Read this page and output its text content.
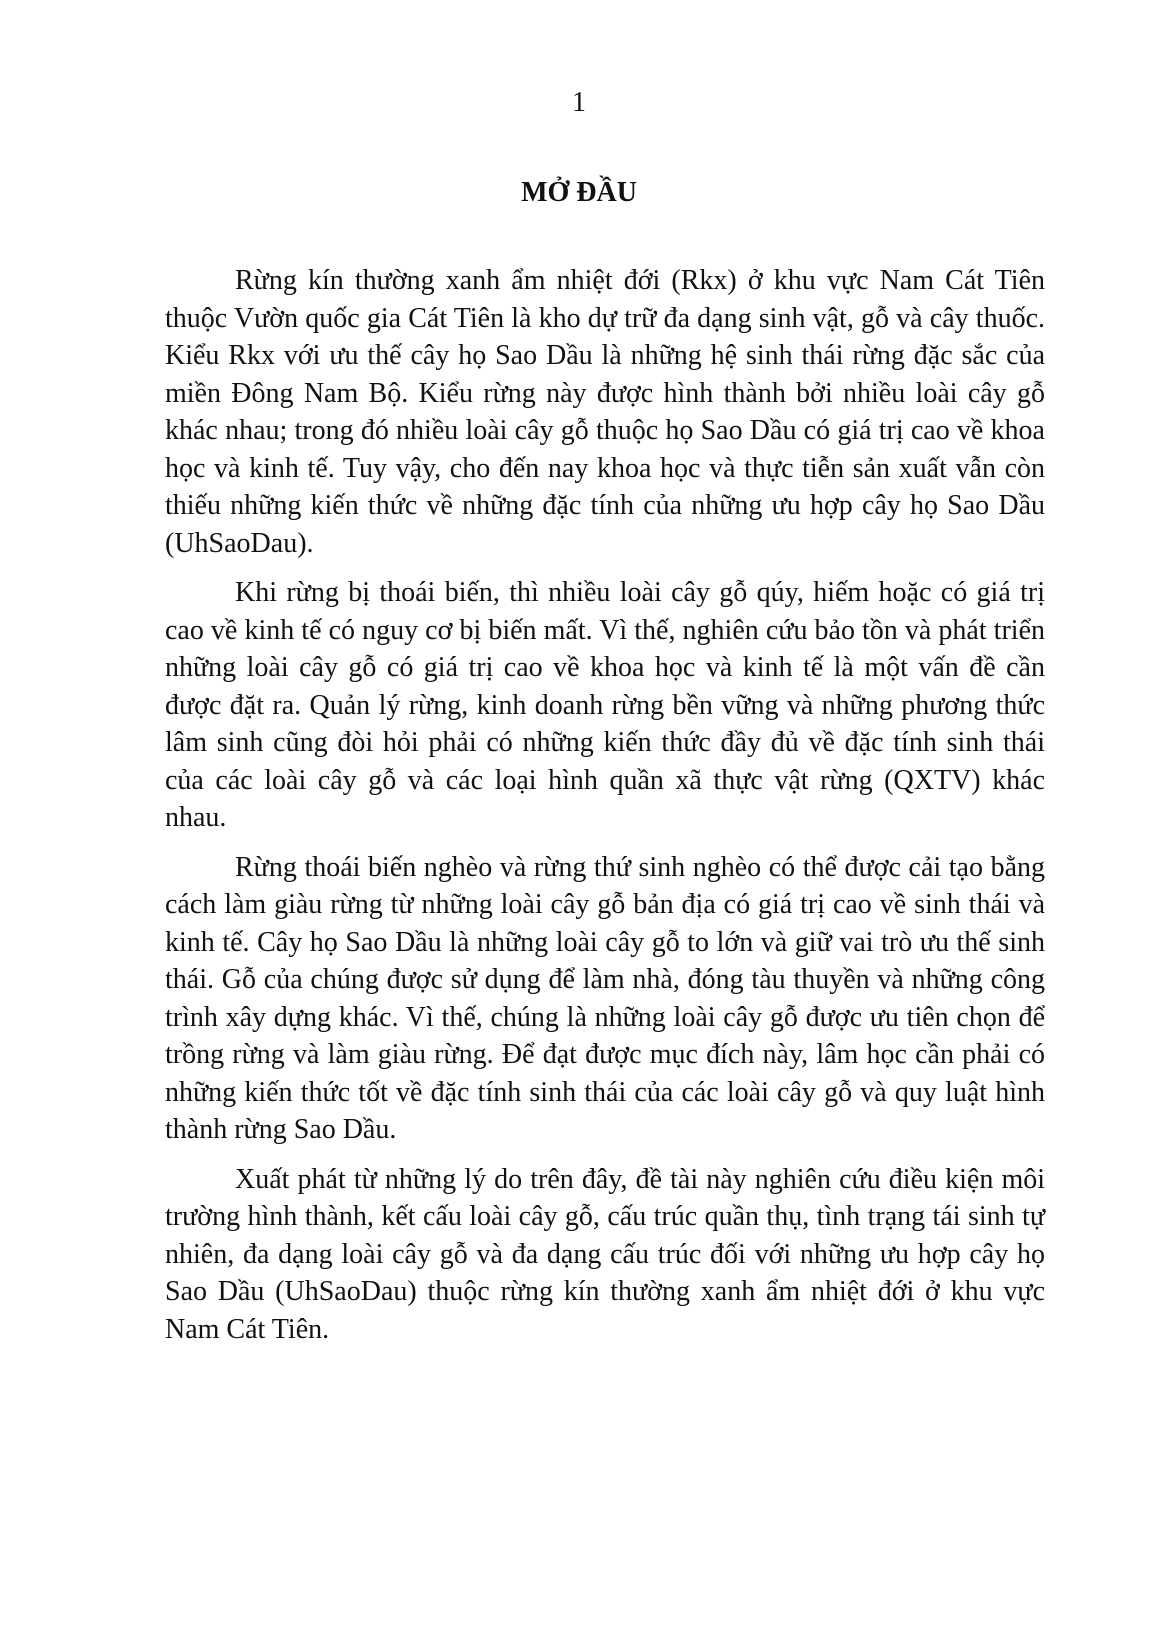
1
MỞ ĐẦU

Rừng kín thường xanh ẩm nhiệt đới (Rkx) ở khu vực Nam Cát Tiên thuộc Vườn quốc gia Cát Tiên là kho dự trữ đa dạng sinh vật, gỗ và cây thuốc. Kiểu Rkx với ưu thế cây họ Sao Dầu là những hệ sinh thái rừng đặc sắc của miền Đông Nam Bộ. Kiểu rừng này được hình thành bởi nhiều loài cây gỗ khác nhau; trong đó nhiều loài cây gỗ thuộc họ Sao Dầu có giá trị cao về khoa học và kinh tế. Tuy vậy, cho đến nay khoa học và thực tiễn sản xuất vẫn còn thiếu những kiến thức về những đặc tính của những ưu hợp cây họ Sao Dầu (UhSaoDau).

Khi rừng bị thoái biến, thì nhiều loài cây gỗ qúy, hiếm hoặc có giá trị cao về kinh tế có nguy cơ bị biến mất. Vì thế, nghiên cứu bảo tồn và phát triển những loài cây gỗ có giá trị cao về khoa học và kinh tế là một vấn đề cần được đặt ra. Quản lý rừng, kinh doanh rừng bền vững và những phương thức lâm sinh cũng đòi hỏi phải có những kiến thức đầy đủ về đặc tính sinh thái của các loài cây gỗ và các loại hình quần xã thực vật rừng (QXTV) khác nhau.

Rừng thoái biến nghèo và rừng thứ sinh nghèo có thể được cải tạo bằng cách làm giàu rừng từ những loài cây gỗ bản địa có giá trị cao về sinh thái và kinh tế. Cây họ Sao Dầu là những loài cây gỗ to lớn và giữ vai trò ưu thế sinh thái. Gỗ của chúng được sử dụng để làm nhà, đóng tàu thuyền và những công trình xây dựng khác. Vì thế, chúng là những loài cây gỗ được ưu tiên chọn để trồng rừng và làm giàu rừng. Để đạt được mục đích này, lâm học cần phải có những kiến thức tốt về đặc tính sinh thái của các loài cây gỗ và quy luật hình thành rừng Sao Dầu.

Xuất phát từ những lý do trên đây, đề tài này nghiên cứu điều kiện môi trường hình thành, kết cấu loài cây gỗ, cấu trúc quần thụ, tình trạng tái sinh tự nhiên, đa dạng loài cây gỗ và đa dạng cấu trúc đối với những ưu hợp cây họ Sao Dầu (UhSaoDau) thuộc rừng kín thường xanh ẩm nhiệt đới ở khu vực Nam Cát Tiên.
